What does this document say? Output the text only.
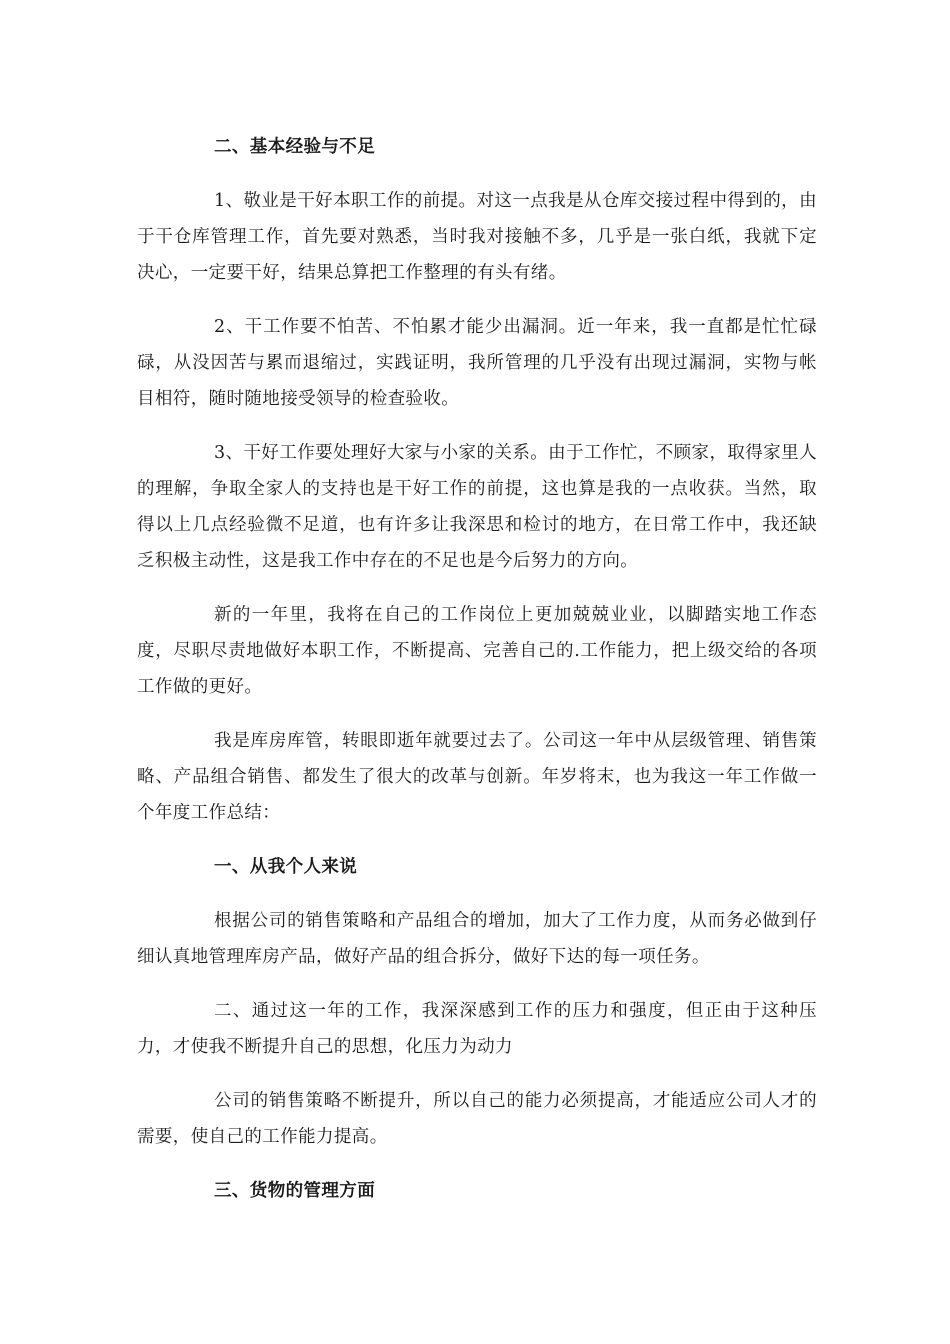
二、基本经验与不足

1、敬业是干好本职工作的前提。对这一点我是从仓库交接过程中得到的，由于干仓库管理工作，首先要对熟悉，当时我对接触不多，几乎是一张白纸，我就下定决心，一定要干好，结果总算把工作整理的有头有绪。

2、干工作要不怕苦、不怕累才能少出漏洞。近一年来，我一直都是忙忙碌碌，从没因苦与累而退缩过，实践证明，我所管理的几乎没有出现过漏洞，实物与帐目相符，随时随地接受领导的检查验收。

3、干好工作要处理好大家与小家的关系。由于工作忙，不顾家，取得家里人的理解，争取全家人的支持也是干好工作的前提，这也算是我的一点收获。当然，取得以上几点经验微不足道，也有许多让我深思和检讨的地方，在日常工作中，我还缺乏积极主动性，这是我工作中存在的不足也是今后努力的方向。

新的一年里，我将在自己的工作岗位上更加兢兢业业，以脚踏实地工作态度，尽职尽责地做好本职工作，不断提高、完善自己的.工作能力，把上级交给的各项工作做的更好。

我是库房库管，转眼即逝年就要过去了。公司这一年中从层级管理、销售策略、产品组合销售、都发生了很大的改革与创新。年岁将末，也为我这一年工作做一个年度工作总结：

一、从我个人来说

根据公司的销售策略和产品组合的增加，加大了工作力度，从而务必做到仔细认真地管理库房产品，做好产品的组合拆分，做好下达的每一项任务。

二、通过这一年的工作，我深深感到工作的压力和强度，但正由于这种压力，才使我不断提升自己的思想，化压力为动力

公司的销售策略不断提升，所以自己的能力必须提高，才能适应公司人才的需要，使自己的工作能力提高。

三、货物的管理方面
